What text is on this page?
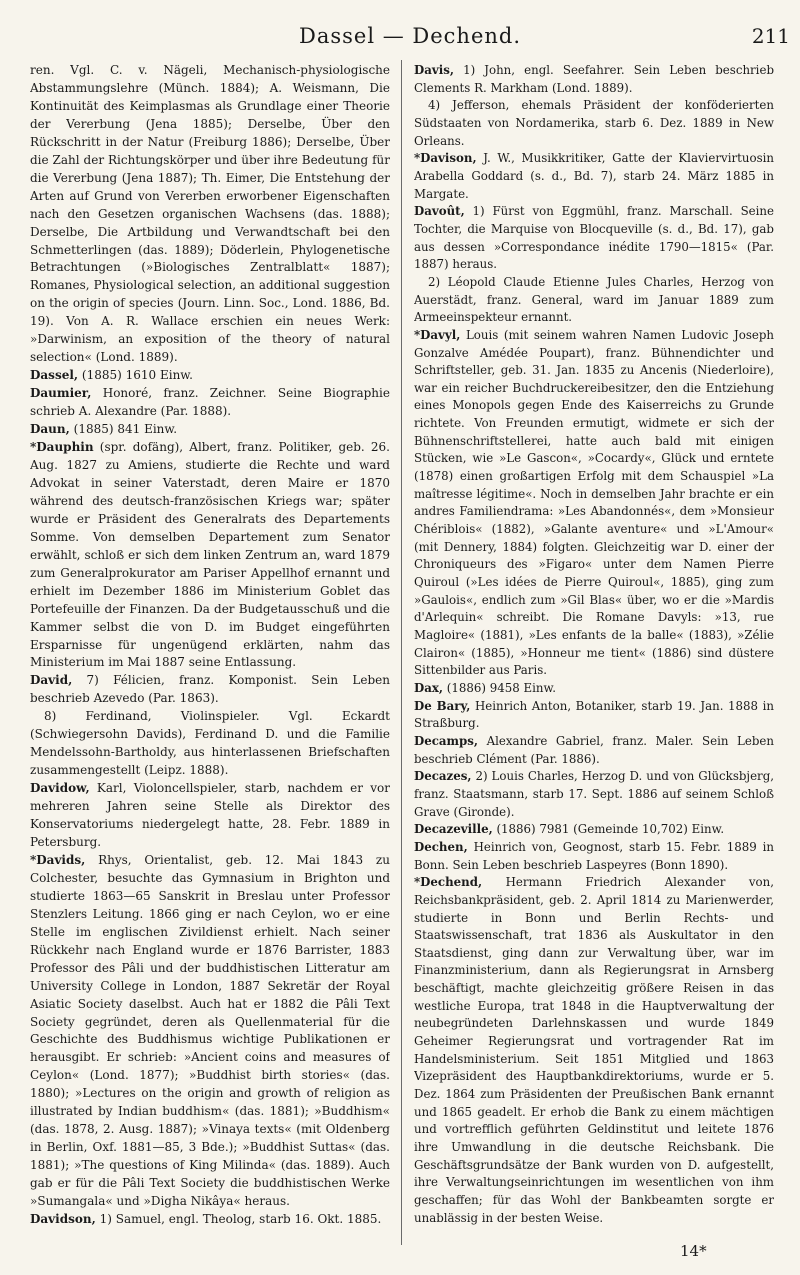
Dassel — Dechend.	211

ren. Vgl. C. v. Nägeli, Mechanisch-physiologische Abstammungslehre (Münch. 1884); A. Weismann, Die Kontinuität des Keimplasmas als Grundlage einer Theorie der Vererbung (Jena 1885); Derselbe, Über den Rückschritt in der Natur (Freiburg 1886); Derselbe, Über die Zahl der Richtungskörper und über ihre Bedeutung für die Vererbung (Jena 1887); Th. Eimer, Die Entstehung der Arten auf Grund von Vererben erworbener Eigenschaften nach den Gesetzen organischen Wachsens (das. 1888); Derselbe, Die Artbildung und Verwandtschaft bei den Schmetterlingen (das. 1889); Döderlein, Phylogenetische Betrachtungen (»Biologisches Zentralblatt« 1887); Romanes, Physiological selection, an additional suggestion on the origin of species (Journ. Linn. Soc., Lond. 1886, Bd. 19). Von A. R. Wallace erschien ein neues Werk: »Darwinism, an exposition of the theory of natural selection« (Lond. 1889).

Dassel, (1885) 1610 Einw.

Daumier, Honoré, franz. Zeichner. Seine Biographie schrieb A. Alexandre (Par. 1888).

Daun, (1885) 841 Einw.

*Dauphin (spr. dofäng), Albert, franz. Politiker, geb. 26. Aug. 1827 zu Amiens, studierte die Rechte und ward Advokat in seiner Vaterstadt, deren Maire er 1870 während des deutsch-französischen Kriegs war; später wurde er Präsident des Generalrats des Departements Somme. Von demselben Departement zum Senator erwählt, schloß er sich dem linken Zentrum an, ward 1879 zum Generalprokurator am Pariser Appellhof ernannt und erhielt im Dezember 1886 im Ministerium Goblet das Portefeuille der Finanzen. Da der Budgetausschuß und die Kammer selbst die von D. im Budget eingeführten Ersparnisse für ungenügend erklärten, nahm das Ministerium im Mai 1887 seine Entlassung.

David, 7) Félicien, franz. Komponist. Sein Leben beschrieb Azevedo (Par. 1863).

8) Ferdinand, Violinspieler. Vgl. Eckardt (Schwiegersohn Davids), Ferdinand D. und die Familie Mendelssohn-Bartholdy, aus hinterlassenen Briefschaften zusammengestellt (Leipz. 1888).

Davidow, Karl, Violoncellspieler, starb, nachdem er vor mehreren Jahren seine Stelle als Direktor des Konservatoriums niedergelegt hatte, 28. Febr. 1889 in Petersburg.

*Davids, Rhys, Orientalist, geb. 12. Mai 1843 zu Colchester, besuchte das Gymnasium in Brighton und studierte 1863—65 Sanskrit in Breslau unter Professor Stenzlers Leitung. 1866 ging er nach Ceylon, wo er eine Stelle im englischen Zivildienst erhielt. Nach seiner Rückkehr nach England wurde er 1876 Barrister, 1883 Professor des Pâli und der buddhistischen Litteratur am University College in London, 1887 Sekretär der Royal Asiatic Society daselbst. Auch hat er 1882 die Pâli Text Society gegründet, deren als Quellenmaterial für die Geschichte des Buddhismus wichtige Publikationen er herausgibt. Er schrieb: »Ancient coins and measures of Ceylon« (Lond. 1877); »Buddhist birth stories« (das. 1880); »Lectures on the origin and growth of religion as illustrated by Indian buddhism« (das. 1881); »Buddhism« (das. 1878, 2. Ausg. 1887); »Vinaya texts« (mit Oldenberg in Berlin, Oxf. 1881—85, 3 Bde.); »Buddhist Suttas« (das. 1881); »The questions of King Milinda« (das. 1889). Auch gab er für die Pâli Text Society die buddhistischen Werke »Sumangala« und »Digha Nikâya« heraus.

Davidson, 1) Samuel, engl. Theolog, starb 16. Okt. 1885.

Davis, 1) John, engl. Seefahrer. Sein Leben beschrieb Clements R. Markham (Lond. 1889).

4) Jefferson, ehemals Präsident der konföderierten Südstaaten von Nordamerika, starb 6. Dez. 1889 in New Orleans.

*Davison, J. W., Musikkritiker, Gatte der Klaviervirtuosin Arabella Goddard (s. d., Bd. 7), starb 24. März 1885 in Margate.

Davoût, 1) Fürst von Eggmühl, franz. Marschall. Seine Tochter, die Marquise von Blocqueville (s. d., Bd. 17), gab aus dessen »Correspondance inédite 1790—1815« (Par. 1887) heraus.

2) Léopold Claude Etienne Jules Charles, Herzog von Auerstädt, franz. General, ward im Januar 1889 zum Armeeinspekteur ernannt.

*Davyl, Louis (mit seinem wahren Namen Ludovic Joseph Gonzalve Amédée Poupart), franz. Bühnendichter und Schriftsteller, geb. 31. Jan. 1835 zu Ancenis (Niederloire), war ein reicher Buchdruckereibesitzer, den die Entziehung eines Monopols gegen Ende des Kaiserreichs zu Grunde richtete. Von Freunden ermutigt, widmete er sich der Bühnenschriftstellerei, hatte auch bald mit einigen Stücken, wie »Le Gascon«, »Cocardy«, Glück und erntete (1878) einen großartigen Erfolg mit dem Schauspiel »La maîtresse légitime«. Noch in demselben Jahr brachte er ein andres Familiendrama: »Les Abandonnés«, dem »Monsieur Chériblois« (1882), »Galante aventure« und »L'Amour« (mit Dennery, 1884) folgten. Gleichzeitig war D. einer der Chroniqueurs des »Figaro« unter dem Namen Pierre Quiroul (»Les idées de Pierre Quiroul«, 1885), ging zum »Gaulois«, endlich zum »Gil Blas« über, wo er die »Mardis d'Arlequin« schreibt. Die Romane Davyls: »13, rue Magloire« (1881), »Les enfants de la balle« (1883), »Zélie Clairon« (1885), »Honneur me tient« (1886) sind düstere Sittenbilder aus Paris.

Dax, (1886) 9458 Einw.

De Bary, Heinrich Anton, Botaniker, starb 19. Jan. 1888 in Straßburg.

Decamps, Alexandre Gabriel, franz. Maler. Sein Leben beschrieb Clément (Par. 1886).

Decazes, 2) Louis Charles, Herzog D. und von Glücksbjerg, franz. Staatsmann, starb 17. Sept. 1886 auf seinem Schloß Grave (Gironde).

Decazeville, (1886) 7981 (Gemeinde 10,702) Einw.

Dechen, Heinrich von, Geognost, starb 15. Febr. 1889 in Bonn. Sein Leben beschrieb Laspeyres (Bonn 1890).

*Dechend, Hermann Friedrich Alexander von, Reichsbankpräsident, geb. 2. April 1814 zu Marienwerder, studierte in Bonn und Berlin Rechts- und Staatswissenschaft, trat 1836 als Auskultator in den Staatsdienst, ging dann zur Verwaltung über, war im Finanzministerium, dann als Regierungsrat in Arnsberg beschäftigt, machte gleichzeitig größere Reisen in das westliche Europa, trat 1848 in die Hauptverwaltung der neubegründeten Darlehnskassen und wurde 1849 Geheimer Regierungsrat und vortragender Rat im Handelsministerium. Seit 1851 Mitglied und 1863 Vizepräsident des Hauptbankdirektoriums, wurde er 5. Dez. 1864 zum Präsidenten der Preußischen Bank ernannt und 1865 geadelt. Er erhob die Bank zu einem mächtigen und vortrefflich geführten Geldinstitut und leitete 1876 ihre Umwandlung in die deutsche Reichsbank. Die Geschäftsgrundsätze der Bank wurden von D. aufgestellt, ihre Verwaltungseinrichtungen im wesentlichen von ihm geschaffen; für das Wohl der Bankbeamten sorgte er unablässig in der besten Weise.

14*
